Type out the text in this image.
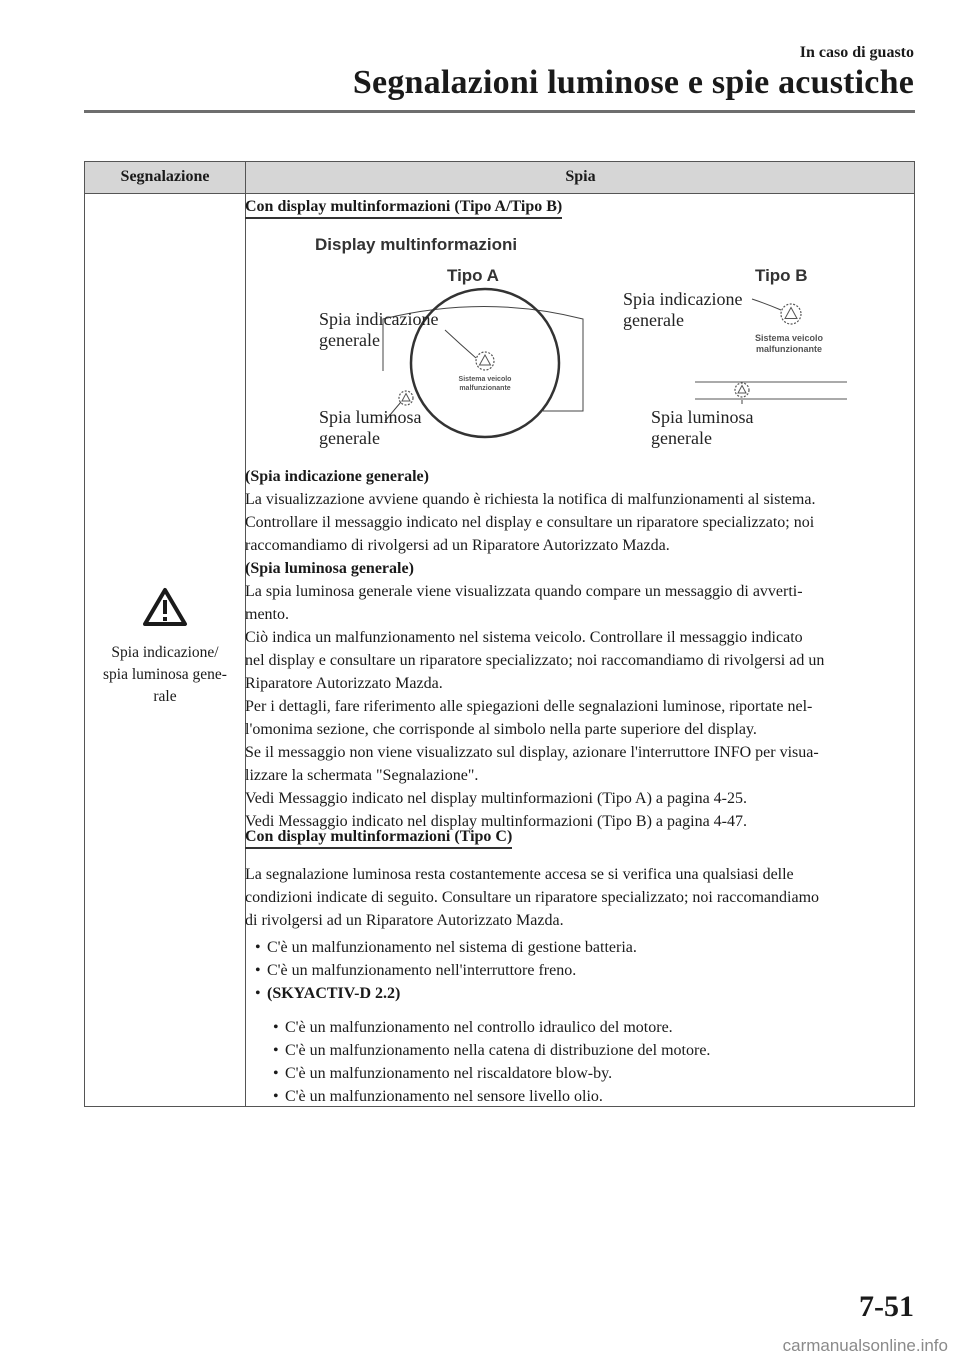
In caso di guasto
Segnalazioni luminose e spie acustiche
Segnalazione	Spia
Spia indicazione/
spia luminosa gene-
rale
Con display multinformazioni (Tipo A/Tipo B)
Display multinformazioni
Tipo A	Tipo B
Sistema veicolo
malfunzionante
Spia indicazione
generale
Spia luminosa
generale
Spia indicazione
generale
Sistema veicolo
malfunzionante
Spia luminosa
generale
(Spia indicazione generale)
La visualizzazione avviene quando è richiesta la notifica di malfunzionamenti al sistema.
Controllare il messaggio indicato nel display e consultare un riparatore specializzato; noi
raccomandiamo di rivolgersi ad un Riparatore Autorizzato Mazda.
(Spia luminosa generale)
La spia luminosa generale viene visualizzata quando compare un messaggio di avverti-
mento.
Ciò indica un malfunzionamento nel sistema veicolo. Controllare il messaggio indicato
nel display e consultare un riparatore specializzato; noi raccomandiamo di rivolgersi ad un
Riparatore Autorizzato Mazda.
Per i dettagli, fare riferimento alle spiegazioni delle segnalazioni luminose, riportate nel-
l'omonima sezione, che corrisponde al simbolo nella parte superiore del display.
Se il messaggio non viene visualizzato sul display, azionare l'interruttore INFO per visua-
lizzare la schermata "Segnalazione".
Vedi Messaggio indicato nel display multinformazioni (Tipo A) a pagina 4-25.
Vedi Messaggio indicato nel display multinformazioni (Tipo B) a pagina 4-47.
Con display multinformazioni (Tipo C)
La segnalazione luminosa resta costantemente accesa se si verifica una qualsiasi delle
condizioni indicate di seguito. Consultare un riparatore specializzato; noi raccomandiamo
di rivolgersi ad un Riparatore Autorizzato Mazda.
• C'è un malfunzionamento nel sistema di gestione batteria.
• C'è un malfunzionamento nell'interruttore freno.
• (SKYACTIV-D 2.2)
• C'è un malfunzionamento nel controllo idraulico del motore.
• C'è un malfunzionamento nella catena di distribuzione del motore.
• C'è un malfunzionamento nel riscaldatore blow-by.
• C'è un malfunzionamento nel sensore livello olio.
7-51
carmanualsonline.info
